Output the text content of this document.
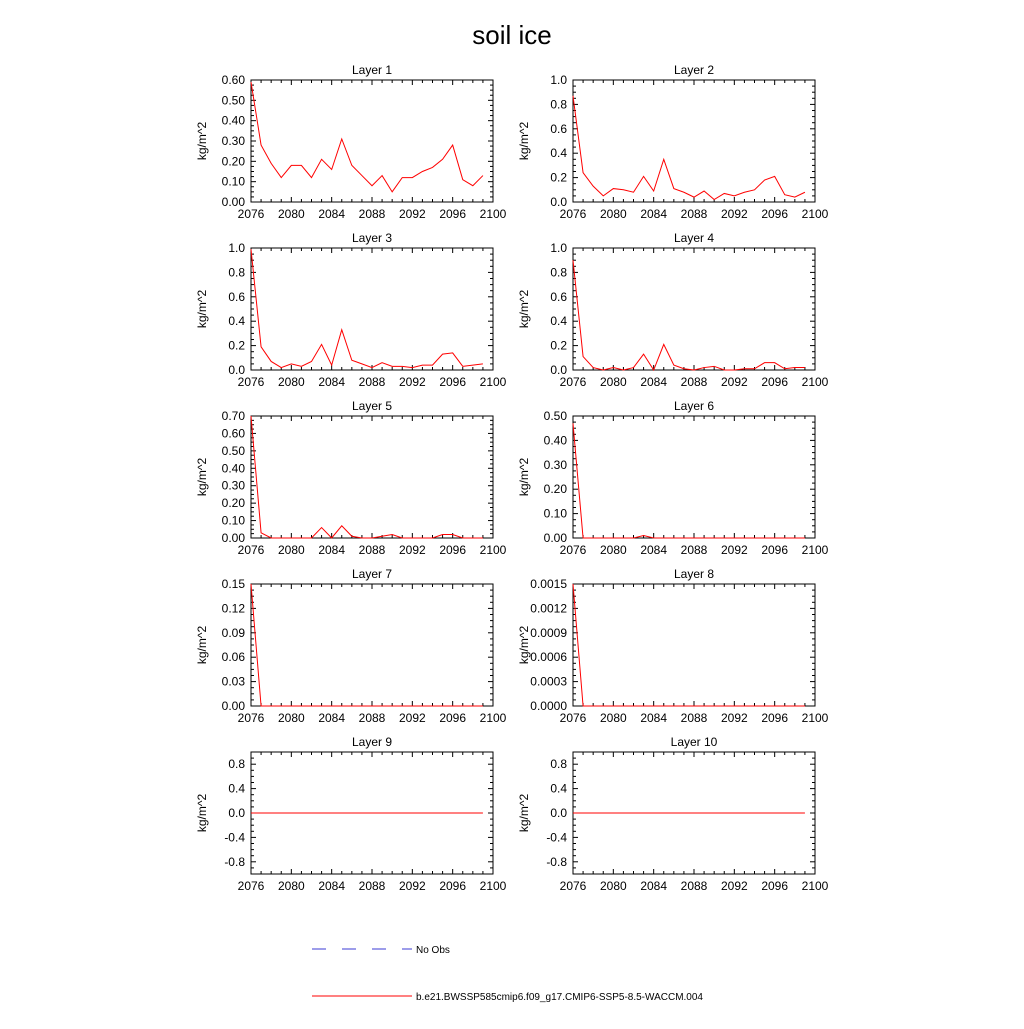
soil ice
Layer 1
kg/m^2
2076 2080 2084 2088 2092 2096 2100
0.00
0.10
0.20
0.30
0.40
0.50
0.60
Layer 2
kg/m^2
2076 2080 2084 2088 2092 2096 2100
0.0
0.2
0.4
0.6
0.8
1.0
Layer 3
kg/m^2
2076 2080 2084 2088 2092 2096 2100
0.0
0.2
0.4
0.6
0.8
1.0
Layer 4
kg/m^2
2076 2080 2084 2088 2092 2096 2100
0.0
0.2
0.4
0.6
0.8
1.0
Layer 5
kg/m^2
2076 2080 2084 2088 2092 2096 2100
0.00
0.10
0.20
0.30
0.40
0.50
0.60
0.70
Layer 6
kg/m^2
2076 2080 2084 2088 2092 2096 2100
0.00
0.10
0.20
0.30
0.40
0.50
Layer 7
kg/m^2
2076 2080 2084 2088 2092 2096 2100
0.00
0.03
0.06
0.09
0.12
0.15
Layer 8
kg/m^2
2076 2080 2084 2088 2092 2096 2100
0.0000
0.0003
0.0006
0.0009
0.0012
0.0015
Layer 9
kg/m^2
2076 2080 2084 2088 2092 2096 2100
-0.8
-0.4
0.0
0.4
0.8
Layer 10
kg/m^2
2076 2080 2084 2088 2092 2096 2100
-0.8
-0.4
0.0
0.4
0.8
No Obs
b.e21.BWSSP585cmip6.f09_g17.CMIP6-SSP5-8.5-WACCM.004
